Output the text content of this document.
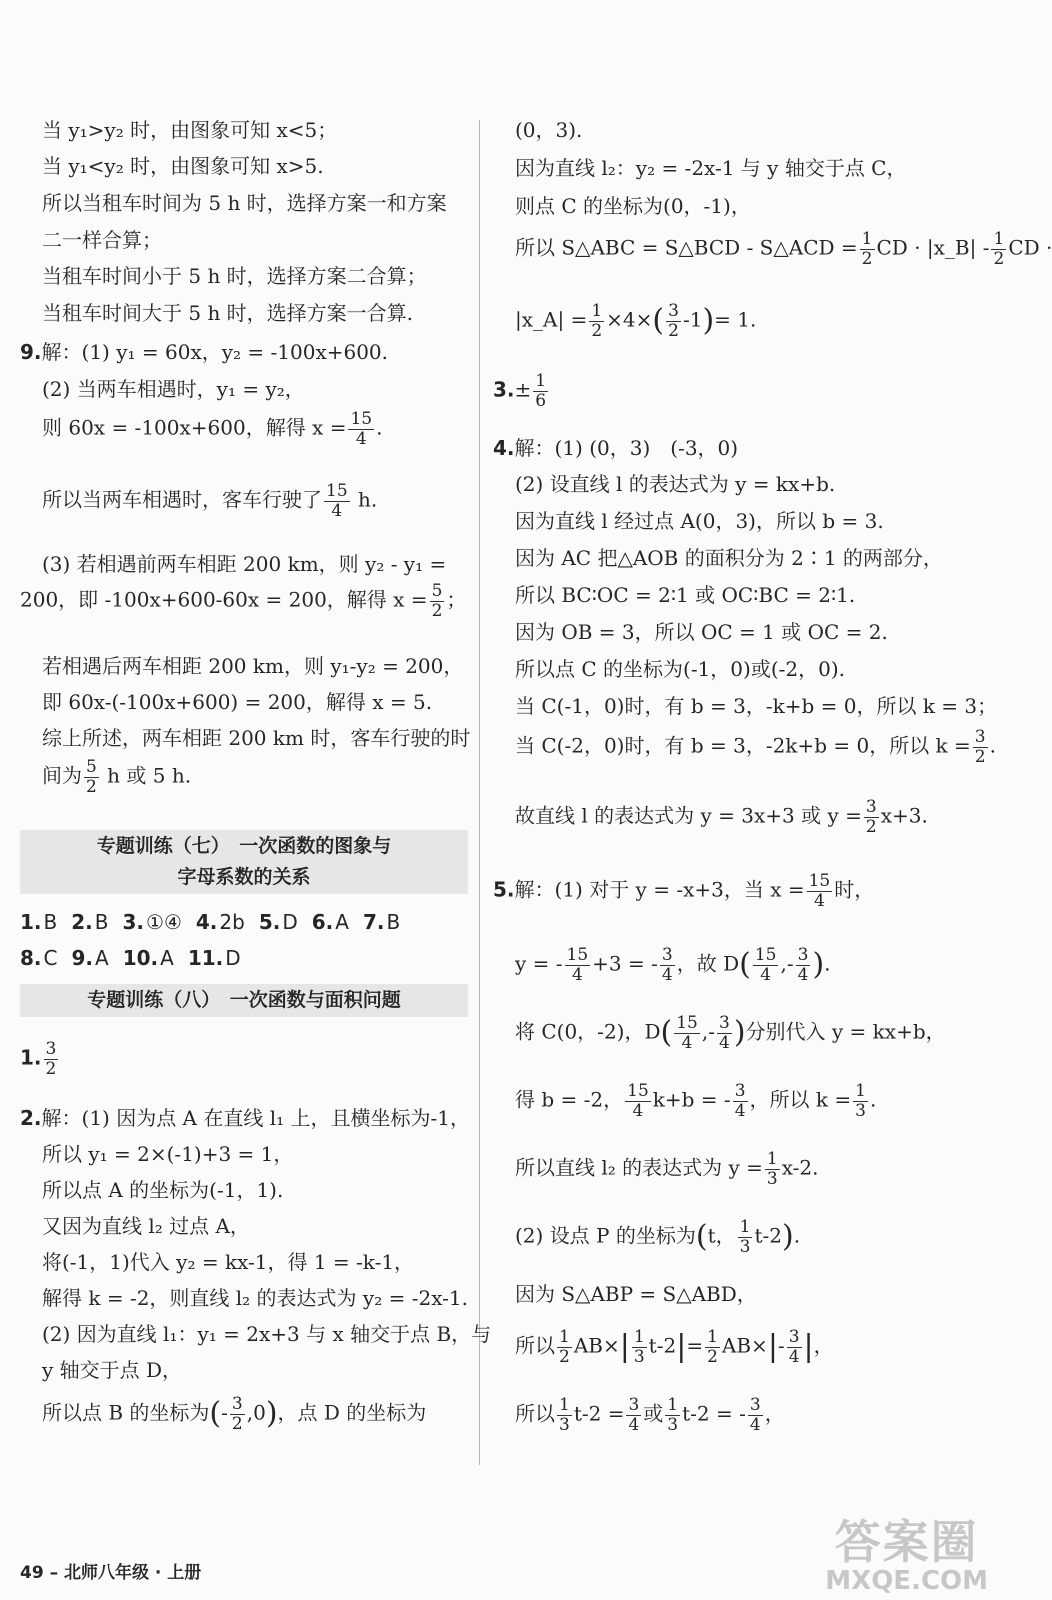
当 y₁>y₂ 时，由图象可知 x<5；
当 y₁<y₂ 时，由图象可知 x>5.
所以当租车时间为 5 h 时，选择方案一和方案
二一样合算；
当租车时间小于 5 h 时，选择方案二合算；
当租车时间大于 5 h 时，选择方案一合算.
9.解：(1) y₁ = 60x，y₂ = -100x+600.
(2) 当两车相遇时，y₁ = y₂，
则 60x = -100x+600，解得 $x = \frac{15}{4}$ .
所以当两车相遇时，客车行驶了 $\frac{15}{4} h$.
(3) 若相遇前两车相距 200 km，则 y₂ - y₁ =
200，即 -100x+600-60x = 200，解得 $x = \frac{5}{2}$ ；
若相遇后两车相距 200 km，则 y₁-y₂ = 200，
即 60x-(-100x+600) = 200，解得 x = 5.
综上所述，两车相距 200 km 时，客车行驶的时
间为 $\frac{5}{2}$ h 或 5 h.
专题训练（七）　一次函数的图象与
字母系数的关系
1. B 2. B 3. ①④ 4. 2b 5. D 6. A 7. B
8. C 9. A 10. A 11. D
专题训练（八）　一次函数与面积问题
1. $\frac{3}{2}$
2.解：(1) 因为点 A 在直线 l₁ 上，且横坐标为-1，
所以 y₁ = 2×(-1)+3 = 1，
所以点 A 的坐标为(-1，1).
又因为直线 l₂ 过点 A，
将(-1，1)代入 y₂ = kx-1，得 1 = -k-1，
解得 k = -2，则直线 l₂ 的表达式为 y₂ = -2x-1.
(2) 因为直线 l₁：y₁ = 2x+3 与 x 轴交于点 B，与
y 轴交于点 D，
所以点 B 的坐标为(- $\frac{3}{2} ,0$)，点 D 的坐标为
49 – 北师八年级 · 上册
(0，3).
因为直线 l₂：y₂ = -2x-1 与 y 轴交于点 C，
则点 C 的坐标为(0，-1)，
所以 S△ABC = S△BCD - S△ACD = $\frac{1}{2}$ CD · |x_B| - $\frac{1}{2}$ CD ·
|x_A| = $\frac{1}{2} \times 4\times( \frac{3}{2} -1)= 1$.
$3.\pm \frac{1}{6}$
4.解：(1) (0，3)　(-3，0)
(2) 设直线 l 的表达式为 y = kx+b.
因为直线 l 经过点 A(0，3)，所以 b = 3.
因为 AC 把△AOB 的面积分为 2∶1 的两部分，
所以 BC∶OC = 2∶1 或 OC∶BC = 2∶1.
因为 OB = 3，所以 OC = 1 或 OC = 2.
所以点 C 的坐标为(-1，0)或(-2，0).
当 C(-1，0)时，有 b = 3，-k+b = 0，所以 k = 3；
当 C(-2，0)时，有 b = 3，-2k+b = 0，所以 $k = \frac{3}{2}$ .
故直线 l 的表达式为 y = 3x+3 或 $y = \frac{3}{2} x+3$.
5.解：(1) 对于 y = -x+3，当 $x = \frac{15}{4}$ 时，
y = - $\frac{15}{4} +3$ = - $\frac{3}{4}$ ，故 $D( \frac{15}{4}$ ,- $\frac{3}{4}$ ).
将 C(0，-2)，$D( \frac{15}{4}$ ,- $\frac{3}{4}$ )分别代入 y = kx+b，
得 b = -2， $\frac{15}{4} k+b$ = - $\frac{3}{4}$ ，所以 $k = \frac{1}{3}$ .
所以直线 l₂ 的表达式为 $y = \frac{1}{3} x-2$.
(2) 设点 P 的坐标为(t， $\frac{1}{3} t-2$).
因为 S△ABP = S△ABD，
所以 $\frac{1}{2} AB\times| \frac{1}{3} t-2|= \frac{1}{2} AB\times|- \frac{3}{4}$ |，
所以 $\frac{1}{3} t-2 = \frac{3}{4}$ 或 $\frac{1}{3} t-2$ = - $\frac{3}{4}$ ，
答案圈
MXQE.COM
